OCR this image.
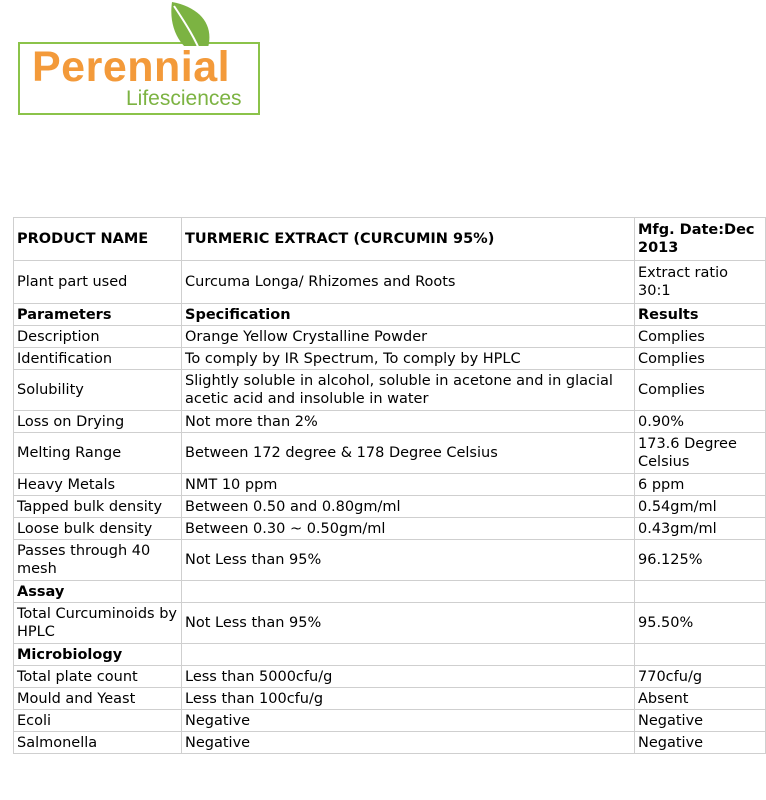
Perennial
Lifesciences
PRODUCT NAME	TURMERIC EXTRACT (CURCUMIN 95%)	Mfg. Date:Dec 2013
Plant part used	Curcuma Longa/ Rhizomes and Roots	Extract ratio 30:1
Parameters	Specification	Results
Description	Orange Yellow Crystalline Powder	Complies
Identification	To comply by IR Spectrum, To comply by HPLC	Complies
Solubility	Slightly soluble in alcohol, soluble in acetone and in glacial acetic acid and insoluble in water	Complies
Loss on Drying	Not more than 2%	0.90%
Melting Range	Between 172 degree & 178 Degree Celsius	173.6 Degree Celsius
Heavy Metals	NMT 10 ppm	6 ppm
Tapped bulk density	Between 0.50 and 0.80gm/ml	0.54gm/ml
Loose bulk density	Between 0.30 ~ 0.50gm/ml	0.43gm/ml
Passes through 40 mesh	Not Less than 95%	96.125%
Assay		
Total Curcuminoids by HPLC	Not Less than 95%	95.50%
Microbiology		
Total plate count	Less than 5000cfu/g	770cfu/g
Mould and Yeast	Less than 100cfu/g	Absent
Ecoli	Negative	Negative
Salmonella	Negative	Negative
